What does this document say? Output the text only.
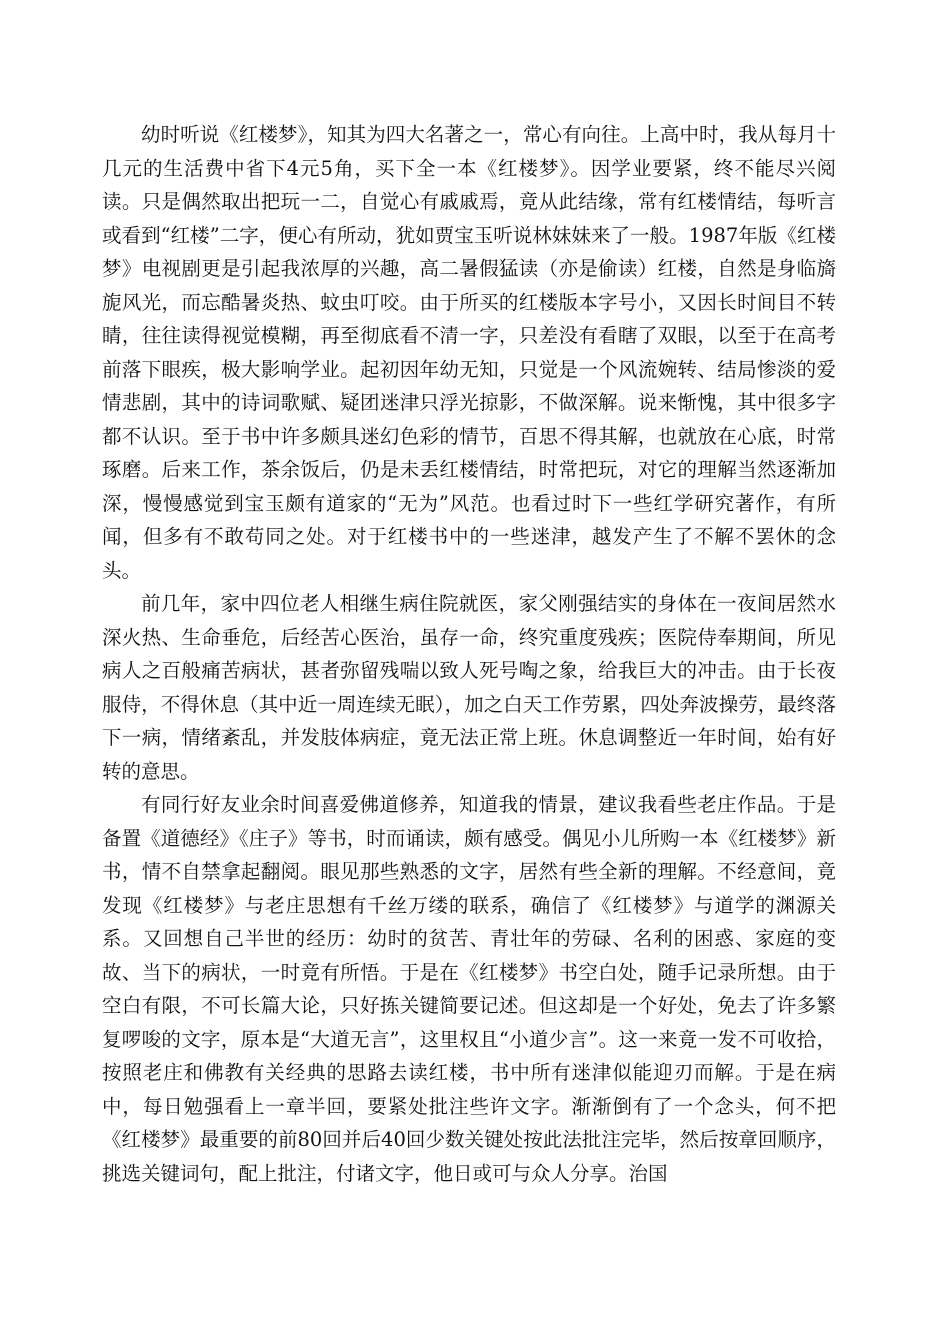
幼时听说《红楼梦》，知其为四大名著之一，常心有向往。上高中时，我从每月十几元的生活费中省下4元5角，买下全一本《红楼梦》。因学业要紧，终不能尽兴阅读。只是偶然取出把玩一二，自觉心有戚戚焉，竟从此结缘，常有红楼情结，每听言或看到“红楼”二字，便心有所动，犹如贾宝玉听说林妹妹来了一般。1987年版《红楼梦》电视剧更是引起我浓厚的兴趣，高二暑假猛读（亦是偷读）红楼，自然是身临旖旎风光，而忘酷暑炎热、蚊虫叮咬。由于所买的红楼版本字号小，又因长时间目不转睛，往往读得视觉模糊，再至彻底看不清一字，只差没有看瞎了双眼，以至于在高考前落下眼疾，极大影响学业。起初因年幼无知，只觉是一个风流婉转、结局惨淡的爱情悲剧，其中的诗词歌赋、疑团迷津只浮光掠影，不做深解。说来惭愧，其中很多字都不认识。至于书中许多颇具迷幻色彩的情节，百思不得其解，也就放在心底，时常琢磨。后来工作，茶余饭后，仍是未丢红楼情结，时常把玩，对它的理解当然逐渐加深，慢慢感觉到宝玉颇有道家的“无为”风范。也看过时下一些红学研究著作，有所闻，但多有不敢苟同之处。对于红楼书中的一些迷津，越发产生了不解不罢休的念头。

前几年，家中四位老人相继生病住院就医，家父刚强结实的身体在一夜间居然水深火热、生命垂危，后经苦心医治，虽存一命，终究重度残疾；医院侍奉期间，所见病人之百般痛苦病状，甚者弥留残喘以致人死号啕之象，给我巨大的冲击。由于长夜服侍，不得休息（其中近一周连续无眠），加之白天工作劳累，四处奔波操劳，最终落下一病，情绪紊乱，并发肢体病症，竟无法正常上班。休息调整近一年时间，始有好转的意思。

有同行好友业余时间喜爱佛道修养，知道我的情景，建议我看些老庄作品。于是备置《道德经》《庄子》等书，时而诵读，颇有感受。偶见小儿所购一本《红楼梦》新书，情不自禁拿起翻阅。眼见那些熟悉的文字，居然有些全新的理解。不经意间，竟发现《红楼梦》与老庄思想有千丝万缕的联系，确信了《红楼梦》与道学的渊源关系。又回想自己半世的经历：幼时的贫苦、青壮年的劳碌、名利的困惑、家庭的变故、当下的病状，一时竟有所悟。于是在《红楼梦》书空白处，随手记录所想。由于空白有限，不可长篇大论，只好拣关键简要记述。但这却是一个好处，免去了许多繁复啰唆的文字，原本是“大道无言”，这里权且“小道少言”。这一来竟一发不可收拾，按照老庄和佛教有关经典的思路去读红楼，书中所有迷津似能迎刃而解。于是在病中，每日勉强看上一章半回，要紧处批注些许文字。渐渐倒有了一个念头，何不把《红楼梦》最重要的前80回并后40回少数关键处按此法批注完毕，然后按章回顺序，挑选关键词句，配上批注，付诸文字，他日或可与众人分享。治国
